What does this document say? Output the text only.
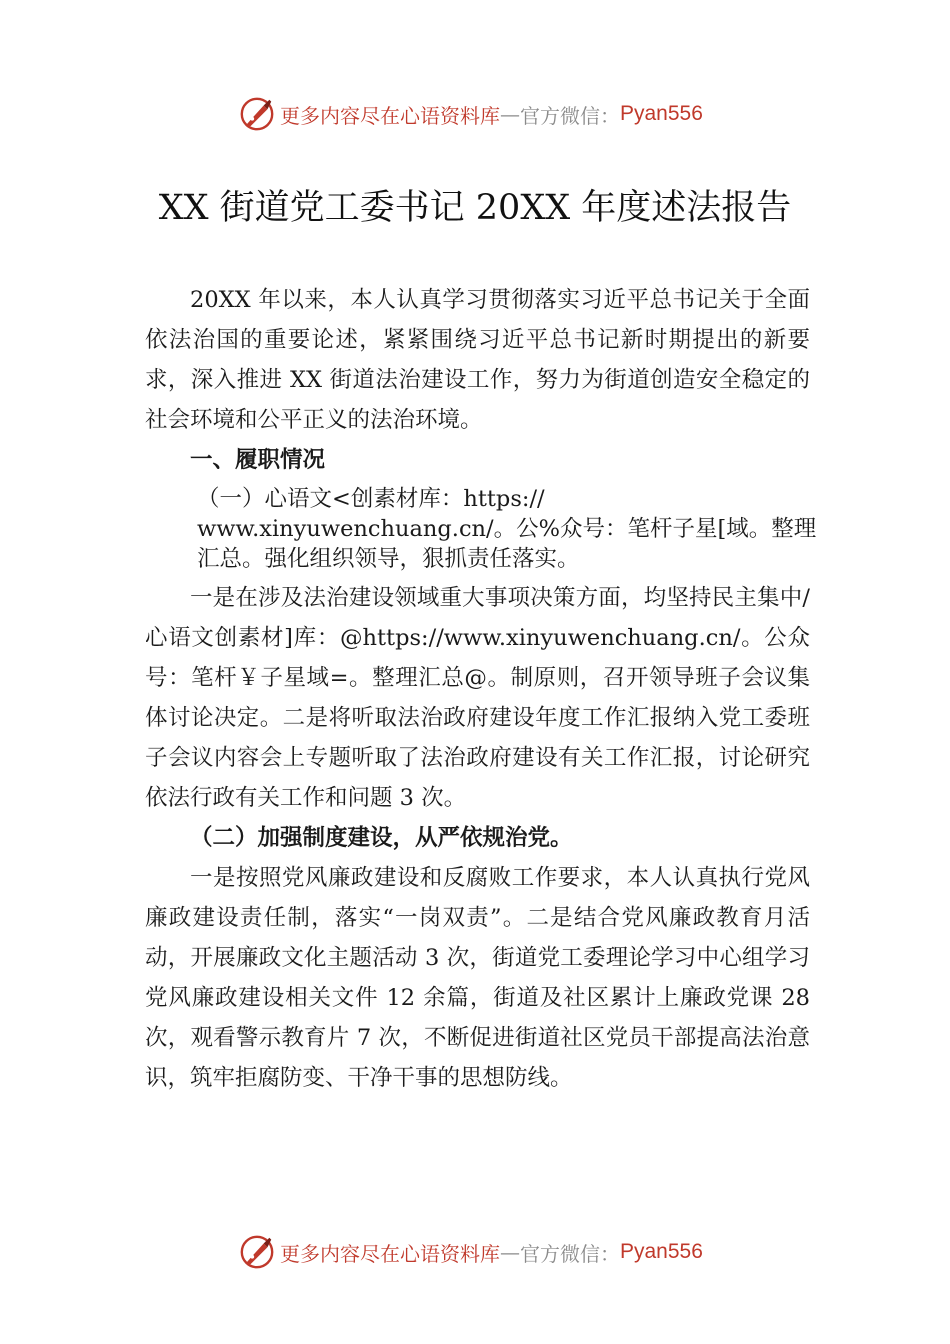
更多内容尽在心语资料库 — 官方微信： Pyan556
XX 街道党工委书记 20XX 年度述法报告

20XX 年以来，本人认真学习贯彻落实习近平总书记关于全面依法治国的重要论述，紧紧围绕习近平总书记新时期提出的新要求，深入推进 XX 街道法治建设工作，努力为街道创造安全稳定的社会环境和公平正义的法治环境。

一、履职情况

（一）心语文<创素材库：https://
www.xinyuwenchuang.cn/。公%众号：笔杆子星[域。整理汇总。强化组织领导，狠抓责任落实。

一是在涉及法治建设领域重大事项决策方面，均坚持民主集中/心语文创素材]库：@https://www.xinyuwenchuang.cn/。公众号：笔杆￥子星域=。整理汇总@。制原则，召开领导班子会议集体讨论决定。二是将听取法治政府建设年度工作汇报纳入党工委班子会议内容会上专题听取了法治政府建设有关工作汇报，讨论研究依法行政有关工作和问题 3 次。

（二）加强制度建设，从严依规治党。

一是按照党风廉政建设和反腐败工作要求，本人认真执行党风廉政建设责任制，落实“一岗双责”。二是结合党风廉政教育月活动，开展廉政文化主题活动 3 次，街道党工委理论学习中心组学习党风廉政建设相关文件 12 余篇，街道及社区累计上廉政党课 28 次，观看警示教育片 7 次，不断促进街道社区党员干部提高法治意识，筑牢拒腐防变、干净干事的思想防线。

更多内容尽在心语资料库 — 官方微信： Pyan556
